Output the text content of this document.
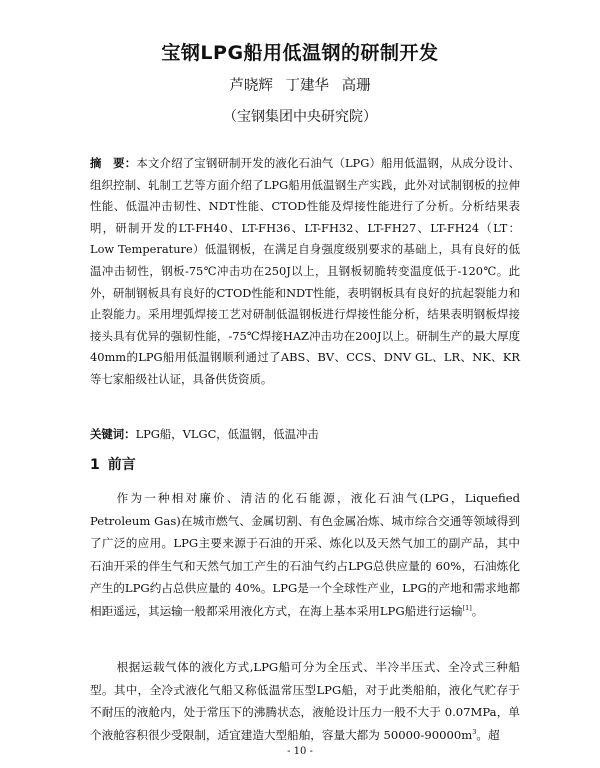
宝钢LPG船用低温钢的研制开发
芦晓辉 丁建华 高珊
（宝钢集团中央研究院）
摘　要：本文介绍了宝钢研制开发的液化石油气（LPG）船用低温钢，从成分设计、组织控制、轧制工艺等方面介绍了LPG船用低温钢生产实践，此外对试制钢板的拉伸性能、低温冲击韧性、NDT性能、CTOD性能及焊接性能进行了分析。分析结果表明，研制开发的LT-FH40、LT-FH36、LT-FH32、LT-FH27、LT-FH24（LT：Low Temperature）低温钢板，在满足自身强度级别要求的基础上，具有良好的低温冲击韧性，钢板-75℃冲击功在250J以上，且钢板韧脆转变温度低于-120℃。此外，研制钢板具有良好的CTOD性能和NDT性能，表明钢板具有良好的抗起裂能力和止裂能力。采用埋弧焊接工艺对研制低温钢板进行焊接性能分析，结果表明钢板焊接接头具有优异的强韧性能，-75℃焊接HAZ冲击功在200J以上。研制生产的最大厚度40mm的LPG船用低温钢顺利通过了ABS、BV、CCS、DNV GL、LR、NK、KR等七家船级社认证，具备供货资质。
关键词：LPG船，VLGC，低温钢，低温冲击
1 前言
作为一种相对廉价、清洁的化石能源，液化石油气(LPG，Liquefied Petroleum Gas)在城市燃气、金属切割、有色金属冶炼、城市综合交通等领域得到了广泛的应用。LPG主要来源于石油的开采、炼化以及天然气加工的副产品，其中石油开采的伴生气和天然气加工产生的石油气约占LPG总供应量的 60%，石油炼化产生的LPG约占总供应量的 40%。LPG是一个全球性产业，LPG的产地和需求地都相距遥远，其运输一般都采用液化方式，在海上基本采用LPG船进行运输[1]。
根据运载气体的液化方式,LPG船可分为全压式、半冷半压式、全冷式三种船型。其中，全冷式液化气船又称低温常压型LPG船，对于此类船舶，液化气贮存于不耐压的液舱内，处于常压下的沸腾状态，液舱设计压力一般不大于 0.07MPa，单个液舱容积很少受限制，适宜建造大型船舶，容量大都为 $50000-90000m^3$。超
- 10 -
